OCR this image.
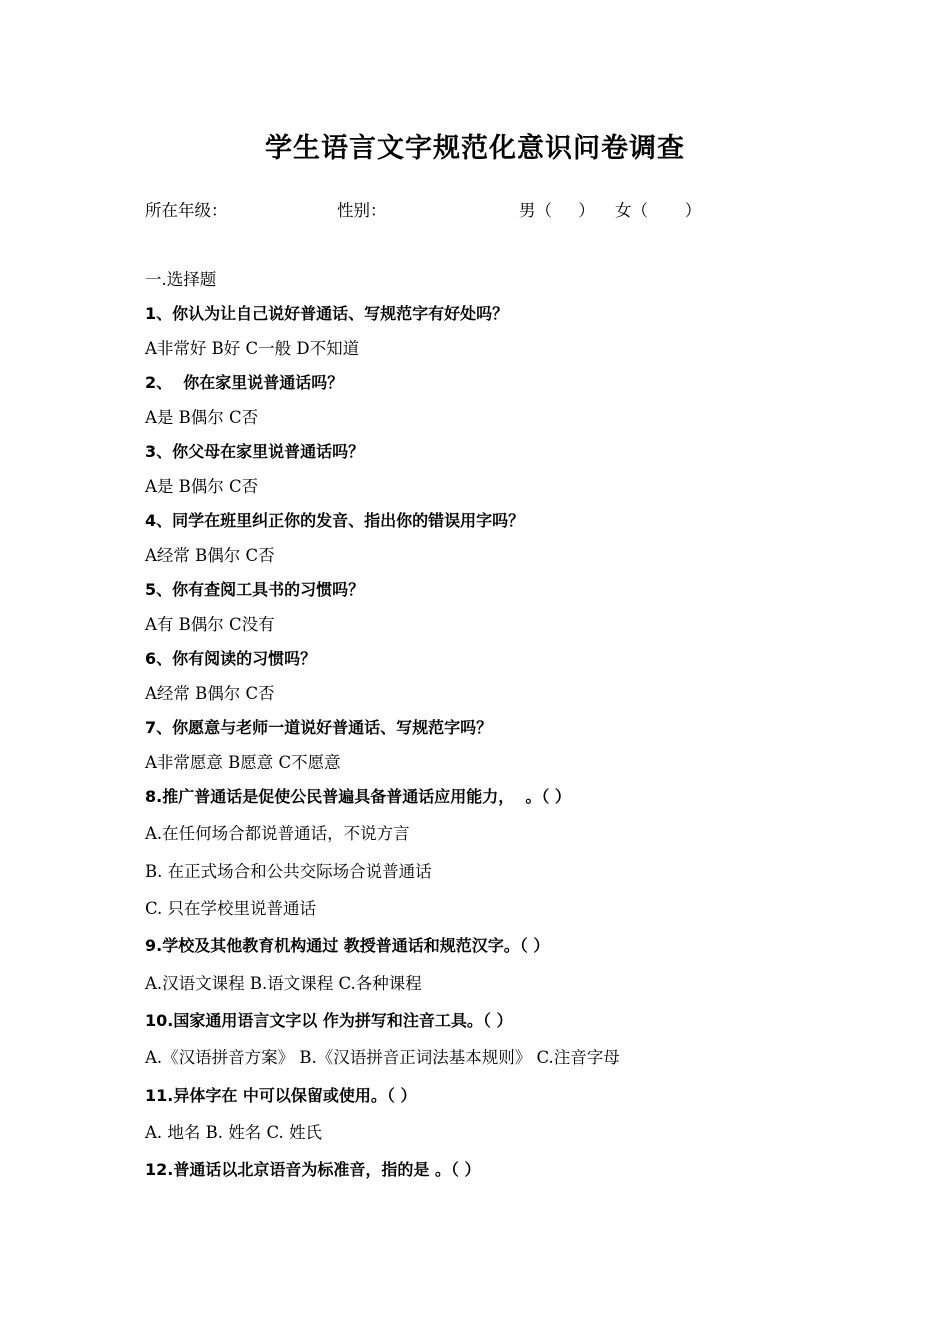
学生语言文字规范化意识问卷调查
所在年级：	性别：	男（     ） 女（       ）
一.选择题
1、你认为让自己说好普通话、写规范字有好处吗？
A非常好 B好 C一般 D不知道
2、  你在家里说普通话吗？
A是 B偶尔 C否
3、你父母在家里说普通话吗？
A是 B偶尔 C否
4、同学在班里纠正你的发音、指出你的错误用字吗？
A经常 B偶尔 C否
5、你有查阅工具书的习惯吗？
A有 B偶尔 C没有
6、你有阅读的习惯吗？
A经常 B偶尔 C否
7、你愿意与老师一道说好普通话、写规范字吗？
A非常愿意 B愿意 C不愿意
8.推广普通话是促使公民普遍具备普通话应用能力，  。（ ）
A.在任何场合都说普通话，不说方言
B. 在正式场合和公共交际场合说普通话
C. 只在学校里说普通话
9.学校及其他教育机构通过 教授普通话和规范汉字。（ ）
A.汉语文课程 B.语文课程 C.各种课程
10.国家通用语言文字以 作为拼写和注音工具。（ ）
A.《汉语拼音方案》 B.《汉语拼音正词法基本规则》 C.注音字母
11.异体字在 中可以保留或使用。（ ）
A. 地名 B. 姓名 C. 姓氏
12.普通话以北京语音为标准音，指的是 。（ ）
